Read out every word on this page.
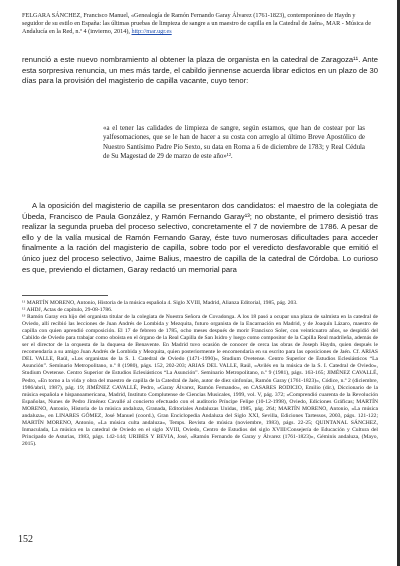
FELGARA SÁNCHEZ, Francisco Manuel, «Genealogía de Ramón Fernando Garay Álvarez (1761-1823), contemporáneo de Haydn y seguidor de su estilo en España: las últimas pruebas de limpieza de sangre a un maestro de capilla en la Catedral de Jaén», MAR - Música de Andalucía en la Red, n.º 4 (invierno, 2014), http://mar.ugr.es
renunció a este nuevo nombramiento al obtener la plaza de organista en la catedral de Zaragoza¹¹. Ante esta sorpresiva renuncia, un mes más tarde, el cabildo jiennense acuerda librar edictos en un plazo de 30 días para la provisión del magisterio de capilla vacante, cuyo tenor:
«a el tener las calidades de limpieza de sangre, según estamos, que han de costear por las yalfesomaciones, que se le han de hacer a su costa con arreglo al último Breve Apostólico de Nuestro Santísimo Padre Pío Sexto, su data en Roma a 6 de diciembre de 1783; y Real Cédula de Su Magestad de 29 de marzo de este año»¹².
A la oposición del magisterio de capilla se presentaron dos candidatos: el maestro de la colegiata de Úbeda, Francisco de Paula González, y Ramón Fernando Garay¹³; no obstante, el primero desistió tras realizar la segunda prueba del proceso selectivo, concretamente el 7 de noviembre de 1786. A pesar de ello y de la valía musical de Ramón Fernando Garay, éste tuvo numerosas dificultades para acceder finalmente a la ración del magisterio de capilla, sobre todo por el veredicto desfavorable que emitió el único juez del proceso selectivo, Jaime Balius, maestro de capilla de la catedral de Córdoba. Lo curioso es que, previendo el dictamen, Garay redactó un memorial para

¹¹ MARTÍN MORENO, Antonio, Historia de la música española 4. Siglo XVIII, Madrid, Alianza Editorial, 1985, pág. 203.

¹² AHDJ, Actas de capítulo, 29-08-1786.

¹³ Ramón Garay era hijo del organista titular de la colegiata de Nuestra Señora de Covadonga. A los 18 pasó a ocupar una plaza de salmista en la catedral de Oviedo, allí recibió las lecciones de Juan Andrés de Lombida y Mezquita, futuro organista de la Encarnación en Madrid, y de Joaquín Lázaro, maestro de capilla con quien aprendió composición. El 17 de febrero de 1785, ocho meses después de morir Francisco Soler, con veinticuatro años, se despidió del Cabildo de Oviedo para trabajar como oboísta en el órgano de la Real Capilla de San Isidro y luego como compositor de la Capilla Real madrileña, además de ser el director de la orquesta de la duquesa de Benavente. En Madrid tuvo ocasión de conocer de cerca las obras de Joseph Haydn, quien después le recomendaría a su amigo Juan Andrés de Lombida y Mezquita, quien posteriormente le encomendaría en su escrito para las oposiciones de Jaén. Cf. ARIAS DEL VALLE, Raúl, «Los organistas de la S. I. Catedral de Oviedo (1471-1990)», Studium Ovetense. Centro Superior de Estudios Eclesiásticos “La Asunción”. Seminario Metropolitano, n.º 8 (1980), págs. 152, 202-203; ARIAS DEL VALLE, Raúl, «Avilés en la música de la S. I. Catedral de Oviedo», Studium Ovetense. Centro Superior de Estudios Eclesiásticos “La Asunción”. Seminario Metropolitano, n.º 9 (1981), págs. 163-165; JIMÉNEZ CAVALLÉ, Pedro, «En torno a la vida y obra del maestro de capilla de la Catedral de Jaén, autor de diez sinfonías, Ramón Garay (1761-1823)», Códice, n.º 2 (diciembre, 1986/abril, 1987), pág. 19; JIMÉNEZ CAVALLÉ, Pedro, «Garay Álvarez, Ramón Fernando», en CASARES RODICIO, Emilio (dir.), Diccionario de la música española e hispanoamericana, Madrid, Instituto Complutense de Ciencias Musicales, 1999, vol. V, pág. 372; «Comprendió cuarenta de la Revolución Españolas, Nunes de Pedro Jiménez Cavallé al concierto efectuado con el auditorio Príncipe Felipe (10-12-1998), Oviedo, Ediciones Gráficas; MARTÍN MORENO, Antonio, Historia de la música andaluza, Granada, Editoriales Andaluzas Unidas, 1985, pág. 264; MARTÍN MORENO, Antonio, «La música andaluza», en LINARES GÓMEZ, José Manuel (coord.), Gran Enciclopedia Andaluza del Siglo XXI, Sevilla, Ediciones Tartessos, 2003, págs. 121-122; MARTÍN MORENO, Antonio, «La música culta andaluza», Temps. Revista de música (noviembre, 1983), págs. 22-25; QUINTANAL SÁNCHEZ, Inmaculada, La música en la catedral de Oviedo en el siglo XVIII, Oviedo, Centro de Estudios del siglo XVIII/Consejería de Educación y Cultura del Principado de Asturias, 1983, págs. 142-144; URIBES Y BEVIA, José, «Ramón Fernando de Garay y Álvarez (1761-1823)», Géminis andaluza, (Mayo, 2015).

152
